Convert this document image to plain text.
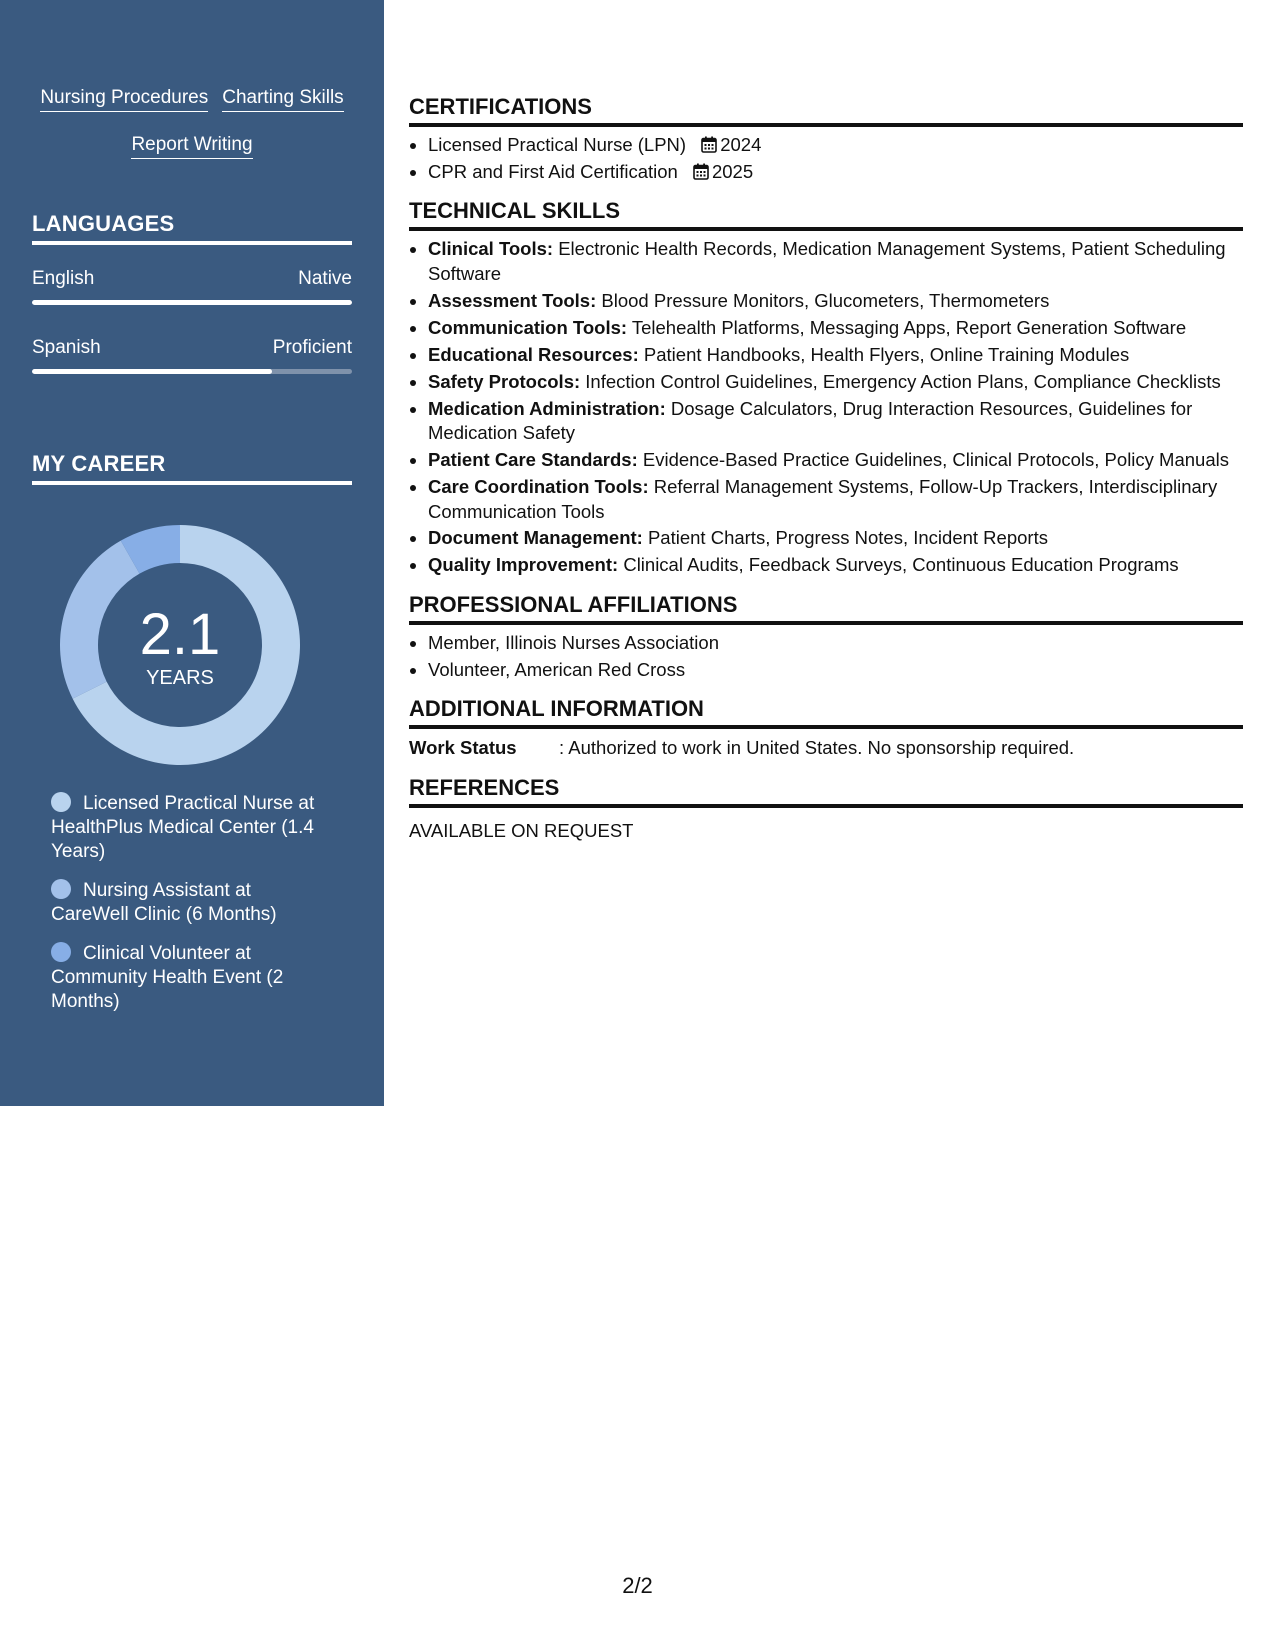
Nursing Procedures Charting Skills
Report Writing
LANGUAGES
English	Native
Spanish	Proficient
MY CAREER
2.1
YEARS
Licensed Practical Nurse at HealthPlus Medical Center (1.4 Years)
Nursing Assistant at CareWell Clinic (6 Months)
Clinical Volunteer at Community Health Event (2 Months)
CERTIFICATIONS
• Licensed Practical Nurse (LPN) 2024
• CPR and First Aid Certification 2025
TECHNICAL SKILLS
• Clinical Tools: Electronic Health Records, Medication Management Systems, Patient Scheduling Software
• Assessment Tools: Blood Pressure Monitors, Glucometers, Thermometers
• Communication Tools: Telehealth Platforms, Messaging Apps, Report Generation Software
• Educational Resources: Patient Handbooks, Health Flyers, Online Training Modules
• Safety Protocols: Infection Control Guidelines, Emergency Action Plans, Compliance Checklists
• Medication Administration: Dosage Calculators, Drug Interaction Resources, Guidelines for Medication Safety
• Patient Care Standards: Evidence-Based Practice Guidelines, Clinical Protocols, Policy Manuals
• Care Coordination Tools: Referral Management Systems, Follow-Up Trackers, Interdisciplinary Communication Tools
• Document Management: Patient Charts, Progress Notes, Incident Reports
• Quality Improvement: Clinical Audits, Feedback Surveys, Continuous Education Programs
PROFESSIONAL AFFILIATIONS
• Member, Illinois Nurses Association
• Volunteer, American Red Cross
ADDITIONAL INFORMATION
Work Status : Authorized to work in United States. No sponsorship required.
REFERENCES
AVAILABLE ON REQUEST
2/2
